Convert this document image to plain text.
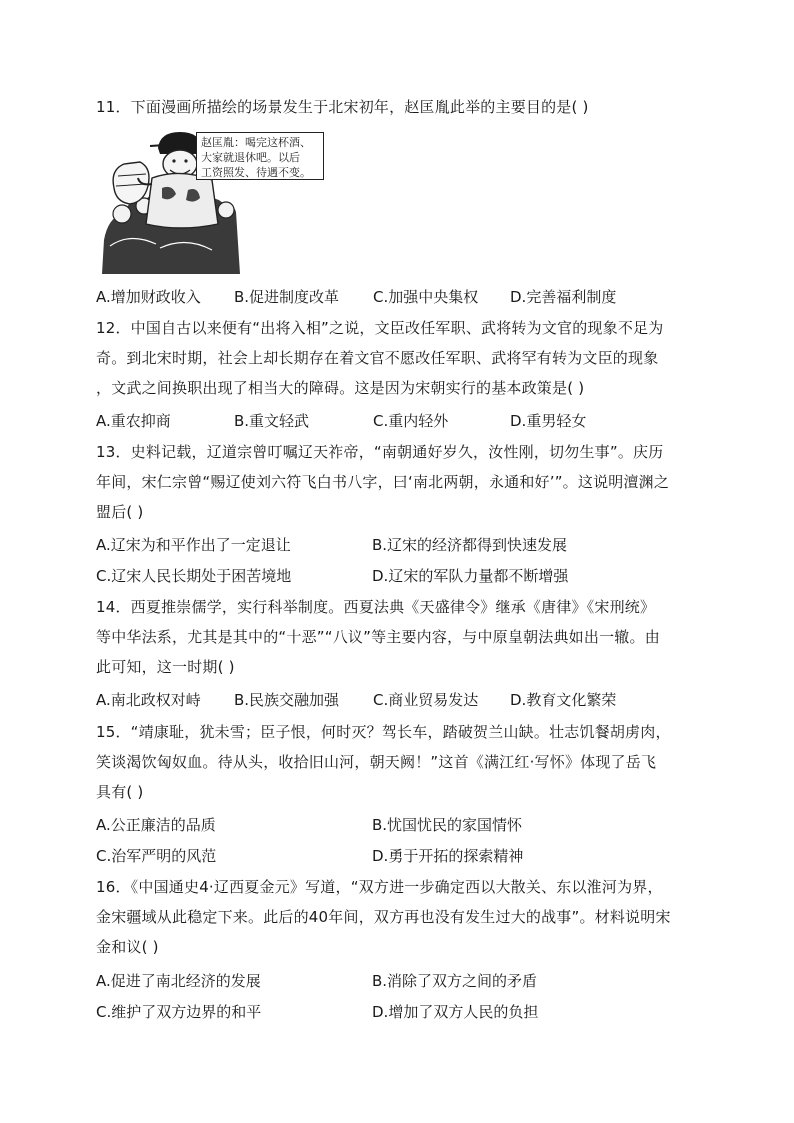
11．下面漫画所描绘的场景发生于北宋初年，赵匡胤此举的主要目的是( )
赵匡胤：喝完这杯酒、
大家就退休吧。以后
工资照发、待遇不变。
A.增加财政收入 B.促进制度改革 C.加强中央集权 D.完善福利制度
12．中国自古以来便有“出将入相”之说，文臣改任军职、武将转为文官的现象不足为
奇。到北宋时期，社会上却长期存在着文官不愿改任军职、武将罕有转为文臣的现象
，文武之间换职出现了相当大的障碍。这是因为宋朝实行的基本政策是( )
A.重农抑商	B.重文轻武	C.重内轻外	D.重男轻女
13．史料记载，辽道宗曾叮嘱辽天祚帝，“南朝通好岁久，汝性刚，切勿生事”。庆历
年间，宋仁宗曾“赐辽使刘六符飞白书八字，曰‘南北两朝，永通和好’”。这说明澶渊之
盟后( )
A.辽宋为和平作出了一定退让	B.辽宋的经济都得到快速发展
C.辽宋人民长期处于困苦境地	D.辽宋的军队力量都不断增强
14．西夏推崇儒学，实行科举制度。西夏法典《天盛律令》继承《唐律》《宋刑统》
等中华法系，尤其是其中的“十恶”“八议”等主要内容，与中原皇朝法典如出一辙。由
此可知，这一时期( )
A.南北政权对峙 B.民族交融加强 C.商业贸易发达 D.教育文化繁荣
15．“靖康耻，犹未雪；臣子恨，何时灭？驾长车，踏破贺兰山缺。壮志饥餐胡虏肉，
笑谈渴饮匈奴血。待从头，收拾旧山河，朝天阙！”这首《满江红·写怀》体现了岳飞
具有( )
A.公正廉洁的品质	B.忧国忧民的家国情怀
C.治军严明的风范	D.勇于开拓的探索精神
16．《中国通史4·辽西夏金元》写道，“双方进一步确定西以大散关、东以淮河为界，
金宋疆域从此稳定下来。此后的40年间，双方再也没有发生过大的战事”。材料说明宋
金和议( )
A.促进了南北经济的发展	B.消除了双方之间的矛盾
C.维护了双方边界的和平	D.增加了双方人民的负担
